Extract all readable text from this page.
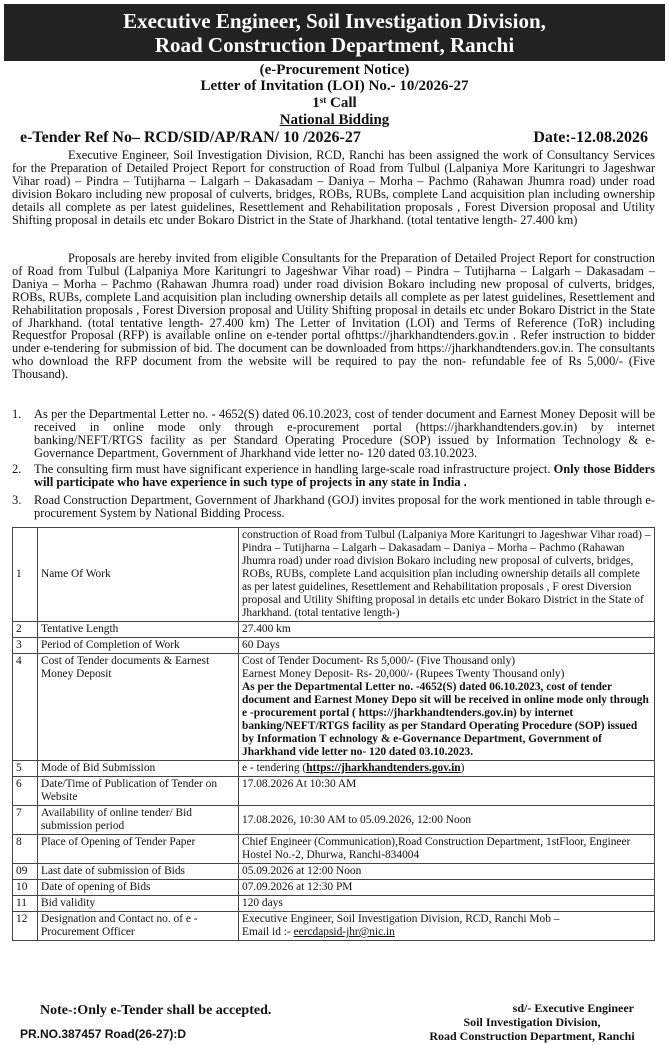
Executive Engineer, Soil Investigation Division,
Road Construction Department, Ranchi
(e-Procurement Notice)
Letter of Invitation (LOI) No.- 10/2026-27
1st Call
National Bidding
e-Tender Ref No– RCD/SID/AP/RAN/ 10 /2026-27	Date:-12.08.2026

Executive Engineer, Soil Investigation Division, RCD, Ranchi has been assigned the work of Consultancy Services for the Preparation of Detailed Project Report for construction of Road from Tulbul (Lalpaniya More Karitungri to Jageshwar Vihar road) – Pindra – Tutijharna – Lalgarh – Dakasadam – Daniya – Morha – Pachmo (Rahawan Jhumra road) under road division Bokaro including new proposal of culverts, bridges, ROBs, RUBs, complete Land acquisition plan including ownership details all complete as per latest guidelines, Resettlement and Rehabilitation proposals , Forest Diversion proposal and Utility Shifting proposal in details etc under Bokaro District in the State of Jharkhand. (total tentative length- 27.400 km)

Proposals are hereby invited from eligible Consultants for the Preparation of Detailed Project Report for construction of Road from Tulbul (Lalpaniya More Karitungri to Jageshwar Vihar road) – Pindra – Tutijharna – Lalgarh – Dakasadam – Daniya – Morha – Pachmo (Rahawan Jhumra road) under road division Bokaro including new proposal of culverts, bridges, ROBs, RUBs, complete Land acquisition plan including ownership details all complete as per latest guidelines, Resettlement and Rehabilitation proposals , Forest Diversion proposal and Utility Shifting proposal in details etc under Bokaro District in the State of Jharkhand. (total tentative length- 27.400 km) The Letter of Invitation (LOI) and Terms of Reference (ToR) including Requestfor Proposal (RFP) is available online on e-tender portal ofhttps://jharkhandtenders.gov.in . Refer instruction to bidder under e-tendering for submission of bid. The document can be downloaded from https://jharkhandtenders.gov.in. The consultants who download the RFP document from the website will be required to pay the non- refundable fee of Rs 5,000/- (Five Thousand).

1. As per the Departmental Letter no. - 4652(S) dated 06.10.2023, cost of tender document and Earnest Money Deposit will be received in online mode only through e-procurement portal (https://jharkhandtenders.gov.in) by internet banking/NEFT/RTGS facility as per Standard Operating Procedure (SOP) issued by Information Technology & e-Governance Department, Government of Jharkhand vide letter no- 120 dated 03.10.2023.
2. The consulting firm must have significant experience in handling large-scale road infrastructure project. Only those Bidders will participate who have experience in such type of projects in any state in India .
3. Road Construction Department, Government of Jharkhand (GOJ) invites proposal for the work mentioned in table through e-procurement System by National Bidding Process.
1	Name Of Work	construction of Road from Tulbul (Lalpaniya More Karitungri to Jageshwar Vihar road) – Pindra – Tutijharna – Lalgarh – Dakasadam – Daniya – Morha – Pachmo (Rahawan Jhumra road) under road division Bokaro including new proposal of culverts, bridges, ROBs, RUBs, complete Land acquisition plan including ownership details all complete as per latest guidelines, Resettlement and Rehabilitation proposals , F orest Diversion proposal and Utility Shifting proposal in details etc under Bokaro District in the State of Jharkhand. (total tentative length-)
2	Tentative Length	27.400 km
3	Period of Completion of Work	60 Days
4	Cost of Tender documents & Earnest Money Deposit	Cost of Tender Document- Rs 5,000/- (Five Thousand only)
Earnest Money Deposit- Rs- 20,000/- (Rupees Twenty Thousand only)
As per the Departmental Letter no. -4652(S) dated 06.10.2023, cost of tender document and Earnest Money Depo sit will be received in online mode only through e -procurement portal ( https://jharkhandtenders.gov.in) by internet banking/NEFT/RTGS facility as per Standard Operating Procedure (SOP) issued by Information T echnology & e-Governance Department, Government of Jharkhand vide letter no- 120 dated 03.10.2023.

5	Mode of Bid Submission	e - tendering (https://jharkhandtenders.gov.in)
6	Date/Time of Publication of Tender on Website	17.08.2026 At 10:30 AM
7	Availability of online tender/ Bid submission period	17.08.2026, 10:30 AM to 05.09.2026, 12:00 Noon
8	Place of Opening of Tender Paper	Chief Engineer (Communication),Road Construction Department, 1stFloor, Engineer Hostel No.-2, Dhurwa, Ranchi-834004
09	Last date of submission of Bids	05.09.2026 at 12:00 Noon
10	Date of opening of Bids	07.09.2026 at 12:30 PM
11	Bid validity	120 days
12	Designation and Contact no. of e - Procurement Officer	Executive Engineer, Soil Investigation Division, RCD, Ranchi Mob –
Email id :- eercdapsid-jhr@nic.in
Note-:Only e-Tender shall be accepted.	sd/- Executive Engineer
Soil Investigation Division,
Road Construction Department, Ranchi
PR.NO.387457 Road(26-27):D
